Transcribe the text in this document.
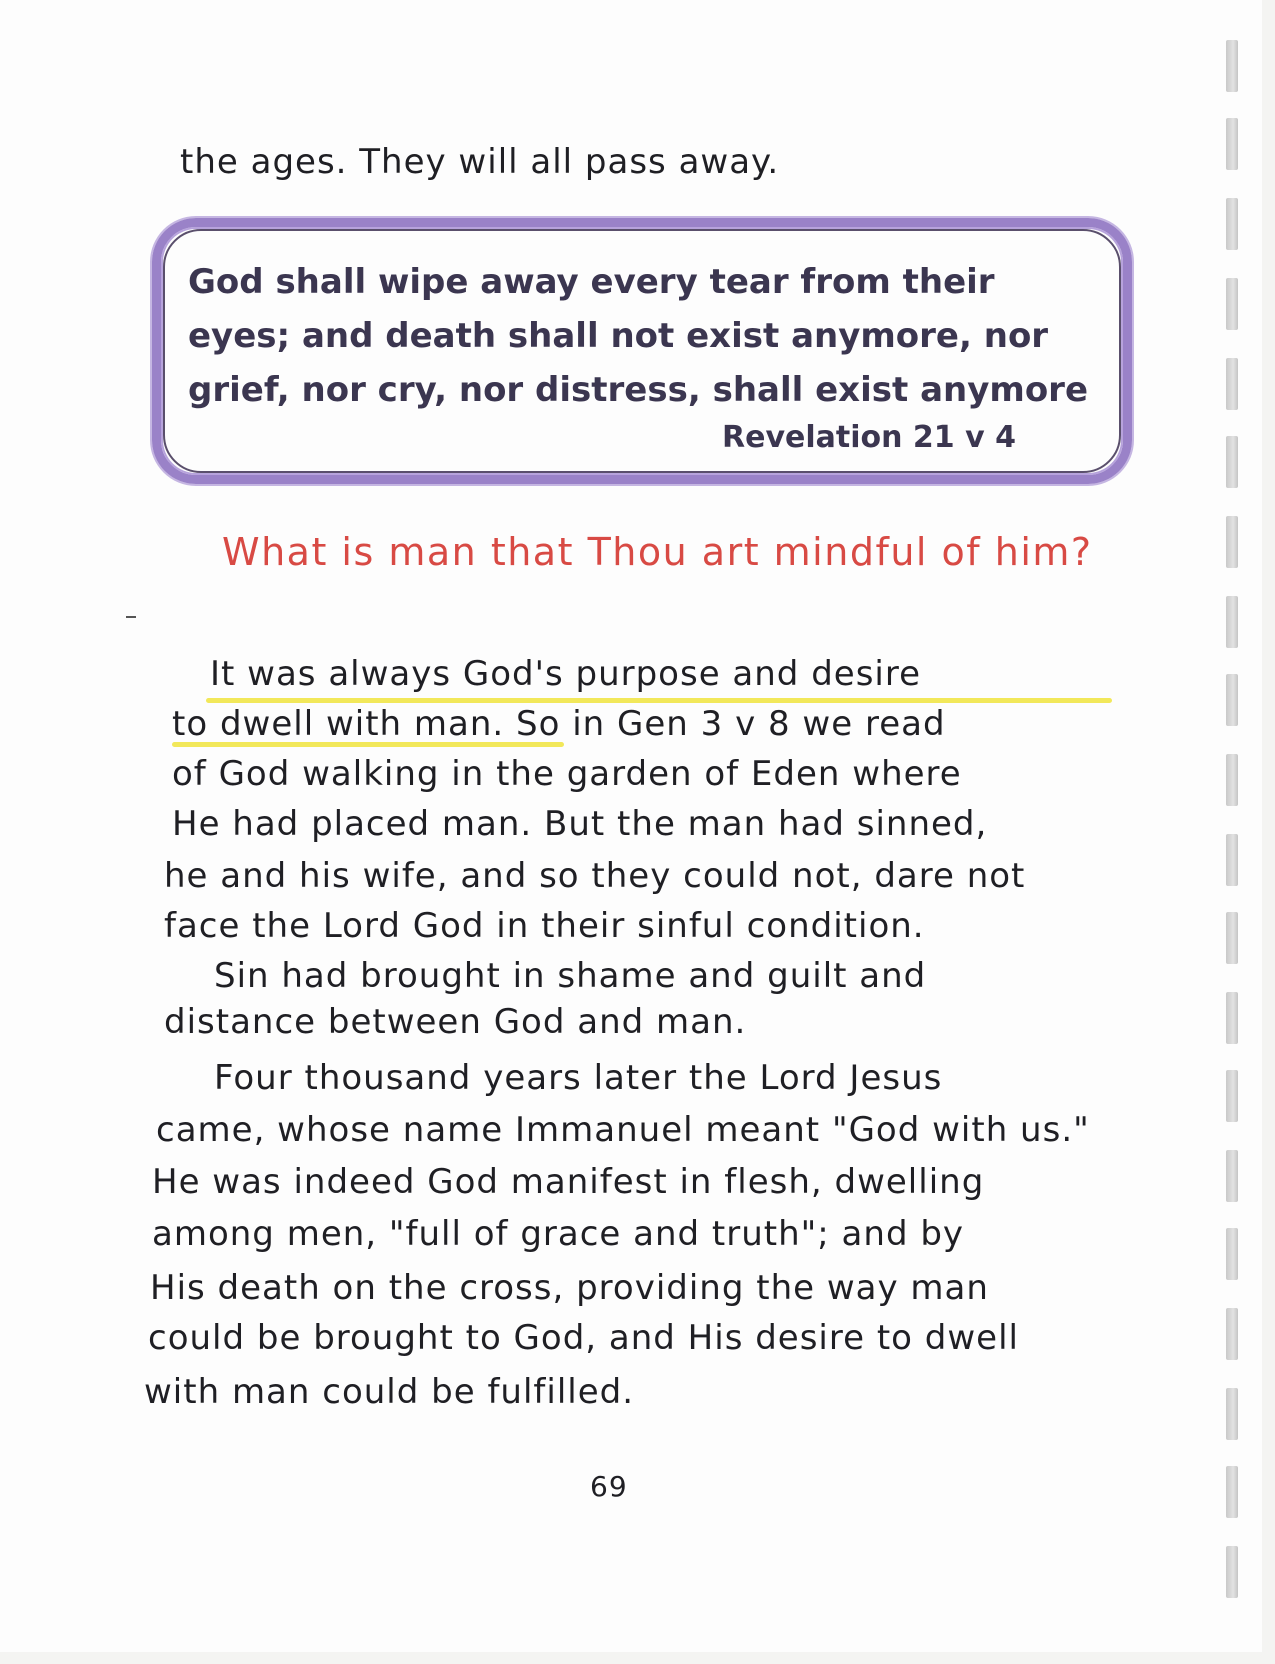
the ages. They will all pass away.
God shall wipe away every tear from their
eyes; and death shall not exist anymore, nor
grief, nor cry, nor distress, shall exist anymore
Revelation 21 v 4
What is man that Thou art mindful of him?
It was always God's purpose and desire
to dwell with man. So in Gen 3 v 8 we read
of God walking in the garden of Eden where
He had placed man. But the man had sinned,
he and his wife, and so they could not, dare not
face the Lord God in their sinful condition.
Sin had brought in shame and guilt and
distance between God and man.
Four thousand years later the Lord Jesus
came, whose name Immanuel meant "God with us."
He was indeed God manifest in flesh, dwelling
among men, "full of grace and truth"; and by
His death on the cross, providing the way man
could be brought to God, and His desire to dwell
with man could be fulfilled.
69
